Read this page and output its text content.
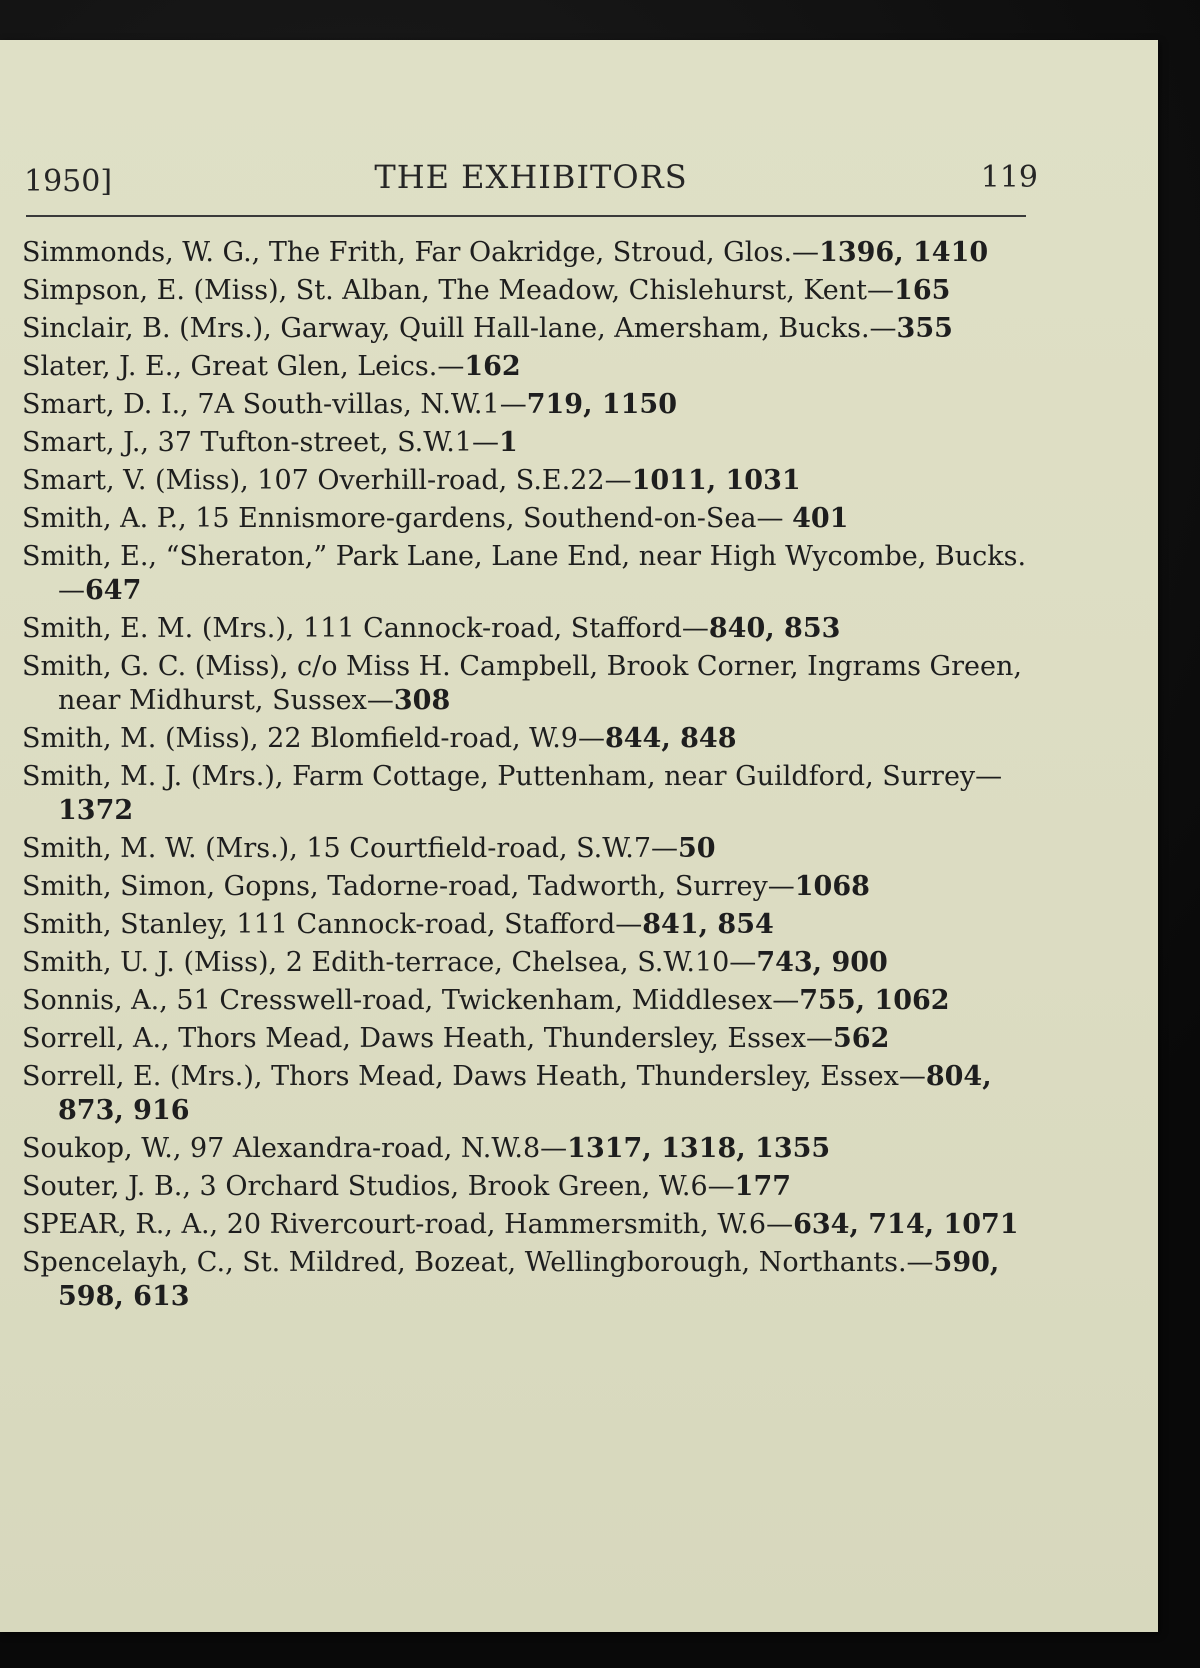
1950]	THE EXHIBITORS	119
Simmonds, W. G., The Frith, Far Oakridge, Stroud, Glos.—1396, 1410
Simpson, E. (Miss), St. Alban, The Meadow, Chislehurst, Kent—165
Sinclair, B. (Mrs.), Garway, Quill Hall-lane, Amersham, Bucks.—355
Slater, J. E., Great Glen, Leics.—162
Smart, D. I., 7A South-villas, N.W.1—719, 1150
Smart, J., 37 Tufton-street, S.W.1—1
Smart, V. (Miss), 107 Overhill-road, S.E.22—1011, 1031
Smith, A. P., 15 Ennismore-gardens, Southend-on-Sea— 401
Smith, E., “Sheraton,” Park Lane, Lane End, near High Wycombe, Bucks.—647
Smith, E. M. (Mrs.), 111 Cannock-road, Stafford—840, 853
Smith, G. C. (Miss), c/o Miss H. Campbell, Brook Corner, Ingrams Green, near Midhurst, Sussex—308
Smith, M. (Miss), 22 Blomfield-road, W.9—844, 848
Smith, M. J. (Mrs.), Farm Cottage, Puttenham, near Guildford, Surrey—1372
Smith, M. W. (Mrs.), 15 Courtfield-road, S.W.7—50
Smith, Simon, Gopns, Tadorne-road, Tadworth, Surrey—1068
Smith, Stanley, 111 Cannock-road, Stafford—841, 854
Smith, U. J. (Miss), 2 Edith-terrace, Chelsea, S.W.10—743, 900
Sonnis, A., 51 Cresswell-road, Twickenham, Middlesex—755, 1062
Sorrell, A., Thors Mead, Daws Heath, Thundersley, Essex—562
Sorrell, E. (Mrs.), Thors Mead, Daws Heath, Thundersley, Essex—804, 873, 916
Soukop, W., 97 Alexandra-road, N.W.8—1317, 1318, 1355
Souter, J. B., 3 Orchard Studios, Brook Green, W.6—177
SPEAR, R., A., 20 Rivercourt-road, Hammersmith, W.6—634, 714, 1071
Spencelayh, C., St. Mildred, Bozeat, Wellingborough, Northants.—590, 598, 613
